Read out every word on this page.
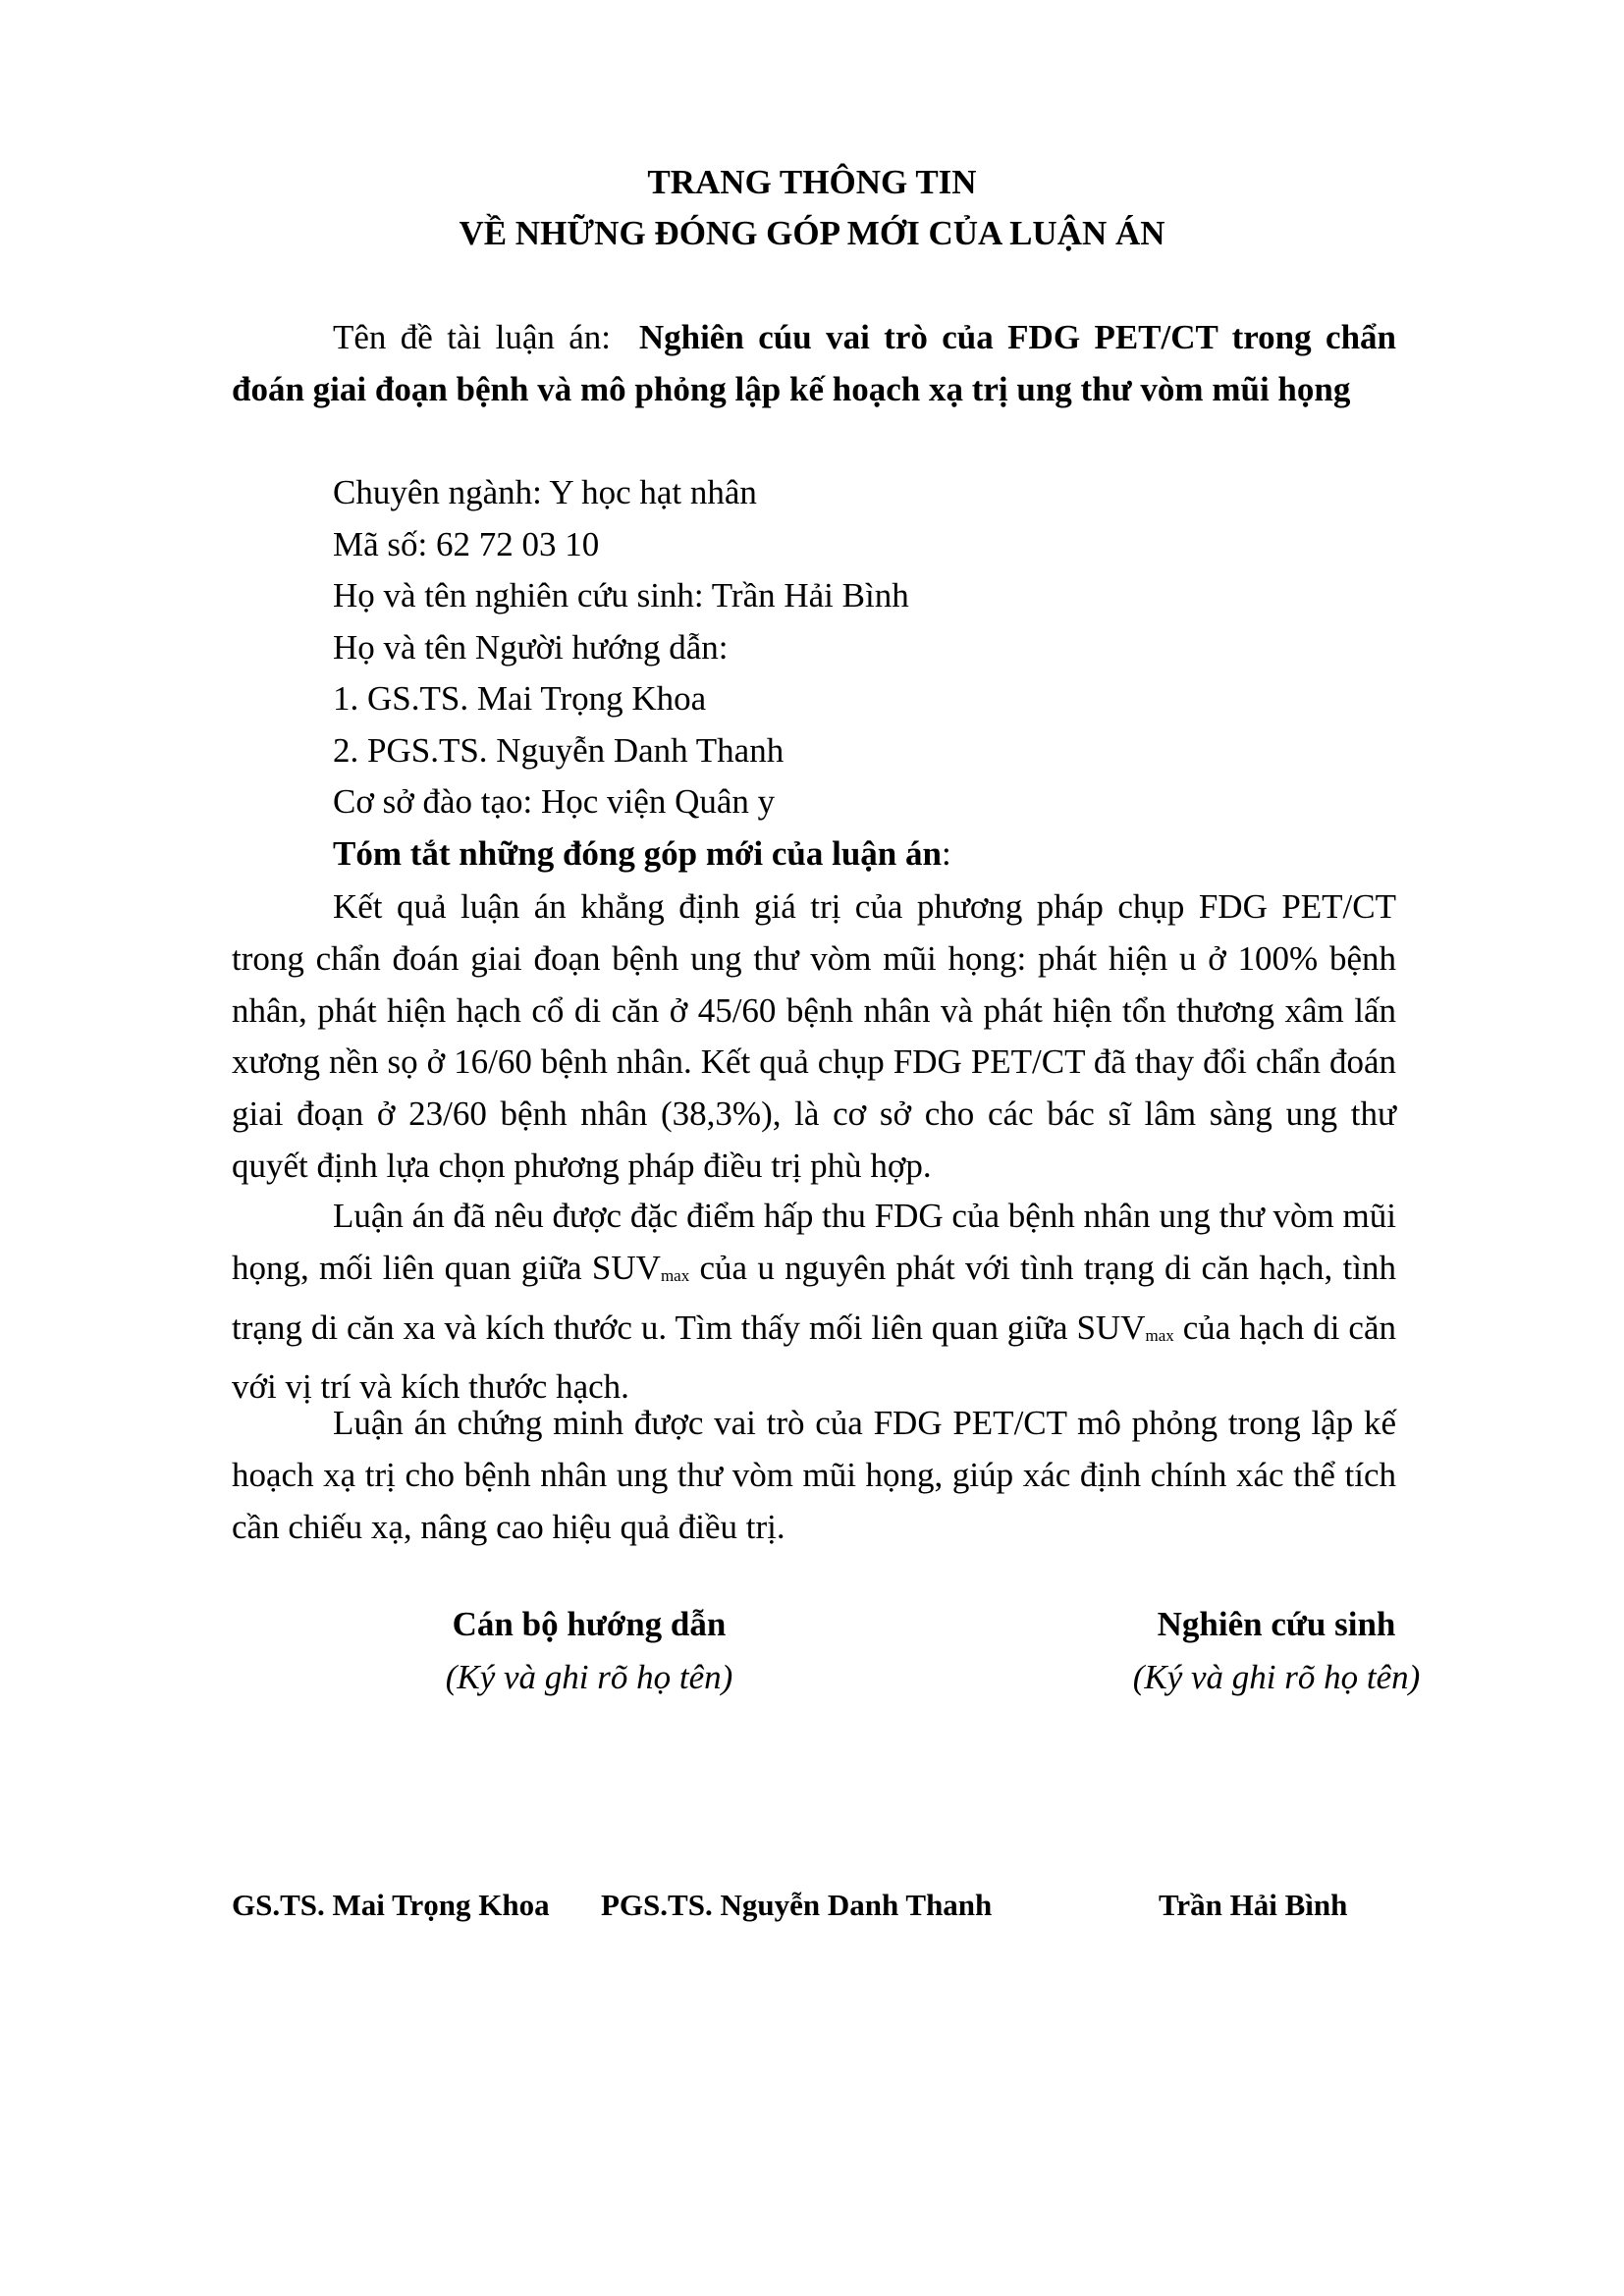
TRANG THÔNG TIN
VỀ NHỮNG ĐÓNG GÓP MỚI CỦA LUẬN ÁN
Tên đề tài luận án: Nghiên cúu vai trò của FDG PET/CT trong chẩn đoán giai đoạn bệnh và mô phỏng lập kế hoạch xạ trị ung thư vòm mũi họng
Chuyên ngành: Y học hạt nhân
Mã số: 62 72 03 10
Họ và tên nghiên cứu sinh: Trần Hải Bình
Họ và tên Người hướng dẫn:
1. GS.TS. Mai Trọng Khoa
2. PGS.TS. Nguyễn Danh Thanh
Cơ sở đào tạo: Học viện Quân y
Tóm tắt những đóng góp mới của luận án:
Kết quả luận án khẳng định giá trị của phương pháp chụp FDG PET/CT trong chẩn đoán giai đoạn bệnh ung thư vòm mũi họng: phát hiện u ở 100% bệnh nhân, phát hiện hạch cổ di căn ở 45/60 bệnh nhân và phát hiện tổn thương xâm lấn xương nền sọ ở 16/60 bệnh nhân. Kết quả chụp FDG PET/CT đã thay đổi chẩn đoán giai đoạn ở 23/60 bệnh nhân (38,3%), là cơ sở cho các bác sĩ lâm sàng ung thư quyết định lựa chọn phương pháp điều trị phù hợp.
Luận án đã nêu được đặc điểm hấp thu FDG của bệnh nhân ung thư vòm mũi họng, mối liên quan giữa $SUV_{max}$ của u nguyên phát với tình trạng di căn hạch, tình trạng di căn xa và kích thước u. Tìm thấy mối liên quan giữa $SUV_{max}$ của hạch di căn với vị trí và kích thước hạch.
Luận án chứng minh được vai trò của FDG PET/CT mô phỏng trong lập kế hoạch xạ trị cho bệnh nhân ung thư vòm mũi họng, giúp xác định chính xác thể tích cần chiếu xạ, nâng cao hiệu quả điều trị.
Cán bộ hướng dẫn
(Ký và ghi rõ họ tên)
Nghiên cứu sinh
(Ký và ghi rõ họ tên)
GS.TS. Mai Trọng Khoa PGS.TS. Nguyễn Danh Thanh	Trần Hải Bình
